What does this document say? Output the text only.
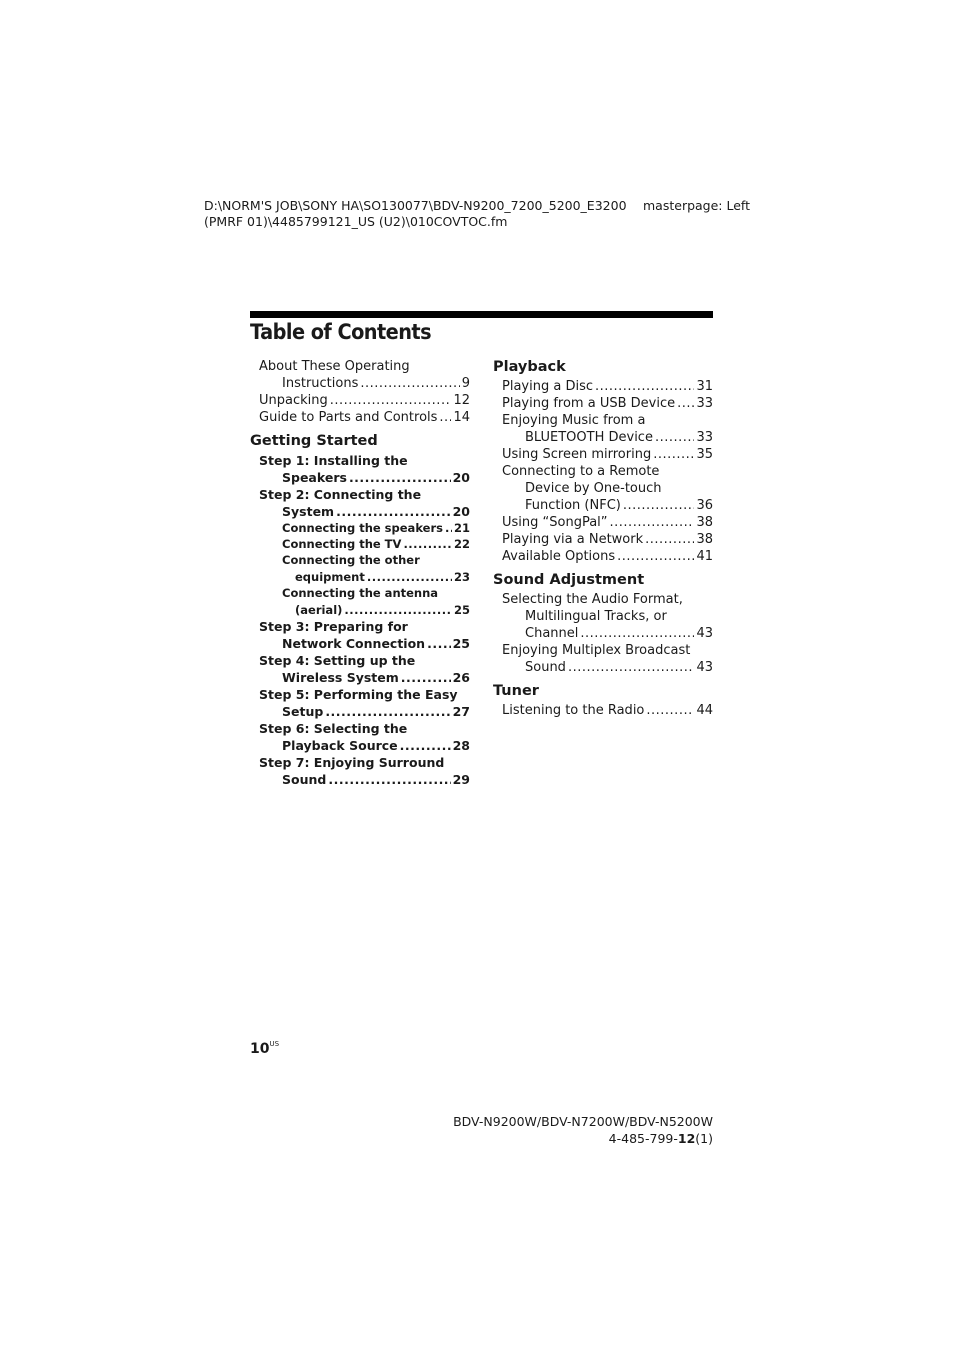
D:\NORM'S JOB\SONY HA\SO130077\BDV-N9200_7200_5200_E3200
(PMRF 01)\4485799121_US (U2)\010COVTOC.fm
masterpage: Left
Table of Contents
About These Operating
Instructions .....	9
Unpacking .....	12
Guide to Parts and Controls ..... 14
Getting Started
Step 1: Installing the
Speakers .....	20
Step 2: Connecting the
System .....	20
Connecting the speakers ..... 21
Connecting the TV .....	22
Connecting the other
equipment .....	23
Connecting the antenna
(aerial) .....	25
Step 3: Preparing for
Network Connection ..... 25
Step 4: Setting up the
Wireless System .....	26
Step 5: Performing the Easy
Setup .....	27
Step 6: Selecting the
Playback Source .....	28
Step 7: Enjoying Surround
Sound .....	29
Playback
Playing a Disc .....	31
Playing from a USB Device ..... 33
Enjoying Music from a
BLUETOOTH Device .....	33
Using Screen mirroring .....	35
Connecting to a Remote
Device by One-touch
Function (NFC) .....	36
Using “SongPal” .....	38
Playing via a Network .....	38
Available Options .....	41
Sound Adjustment
Selecting the Audio Format,
Multilingual Tracks, or
Channel .....	43
Enjoying Multiplex Broadcast
Sound .....	43
Tuner
Listening to the Radio .....	44
$10^{US}$
BDV-N9200W/BDV-N7200W/BDV-N5200W
4-485-799-12(1)
